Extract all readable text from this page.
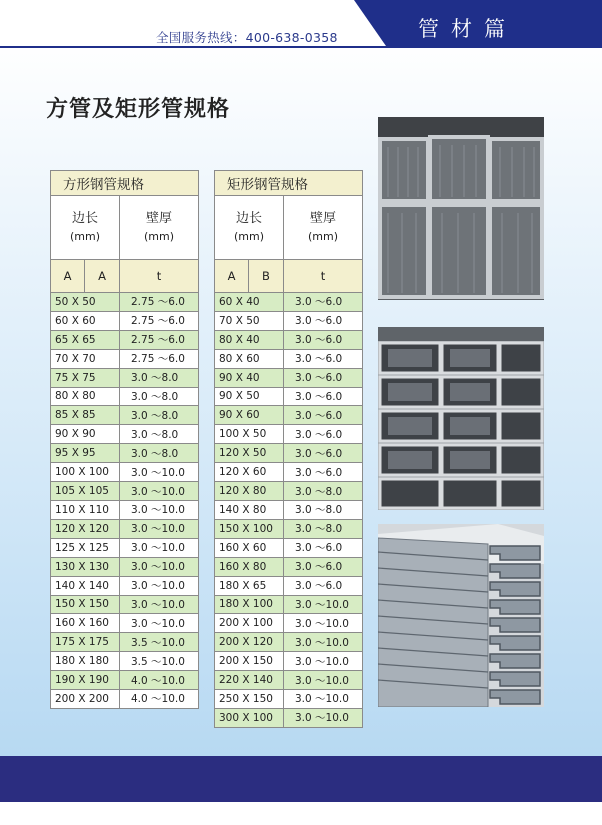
全国服务热线：400-638-0358	管材篇
方管及矩形管规格
方形钢管规格		
边长
(mm)		壁厚
(mm)

A	A	t
50 X 50		2.75 ～6.0
60 X 60		2.75 ～6.0
65 X 65		2.75 ～6.0
70 X 70		2.75 ～6.0
75 X 75		3.0 ～8.0
80 X 80		3.0 ～8.0
85 X 85		3.0 ～8.0
90 X 90		3.0 ～8.0
95 X 95		3.0 ～8.0
100 X 100		3.0 ～10.0
105 X 105		3.0 ～10.0
110 X 110		3.0 ～10.0
120 X 120		3.0 ～10.0
125 X 125		3.0 ～10.0
130 X 130		3.0 ～10.0
140 X 140		3.0 ～10.0
150 X 150		3.0 ～10.0
160 X 160		3.0 ～10.0
175 X 175		3.5 ～10.0
180 X 180		3.5 ～10.0
190 X 190		4.0 ～10.0
200 X 200		4.0 ～10.0
矩形钢管规格		
边长
(mm)		壁厚
(mm)

A	B	t
60 X 40		3.0 ～6.0
70 X 50		3.0 ～6.0
80 X 40		3.0 ～6.0
80 X 60		3.0 ～6.0
90 X 40		3.0 ～6.0
90 X 50		3.0 ～6.0
90 X 60		3.0 ～6.0
100 X 50		3.0 ～6.0
120 X 50		3.0 ～6.0
120 X 60		3.0 ～6.0
120 X 80		3.0 ～8.0
140 X 80		3.0 ～8.0
150 X 100		3.0 ～8.0
160 X 60		3.0 ～6.0
160 X 80		3.0 ～6.0
180 X 65		3.0 ～6.0
180 X 100		3.0 ～10.0
200 X 100		3.0 ～10.0
200 X 120		3.0 ～10.0
200 X 150		3.0 ～10.0
220 X 140		3.0 ～10.0
250 X 150		3.0 ～10.0
300 X 100		3.0 ～10.0
